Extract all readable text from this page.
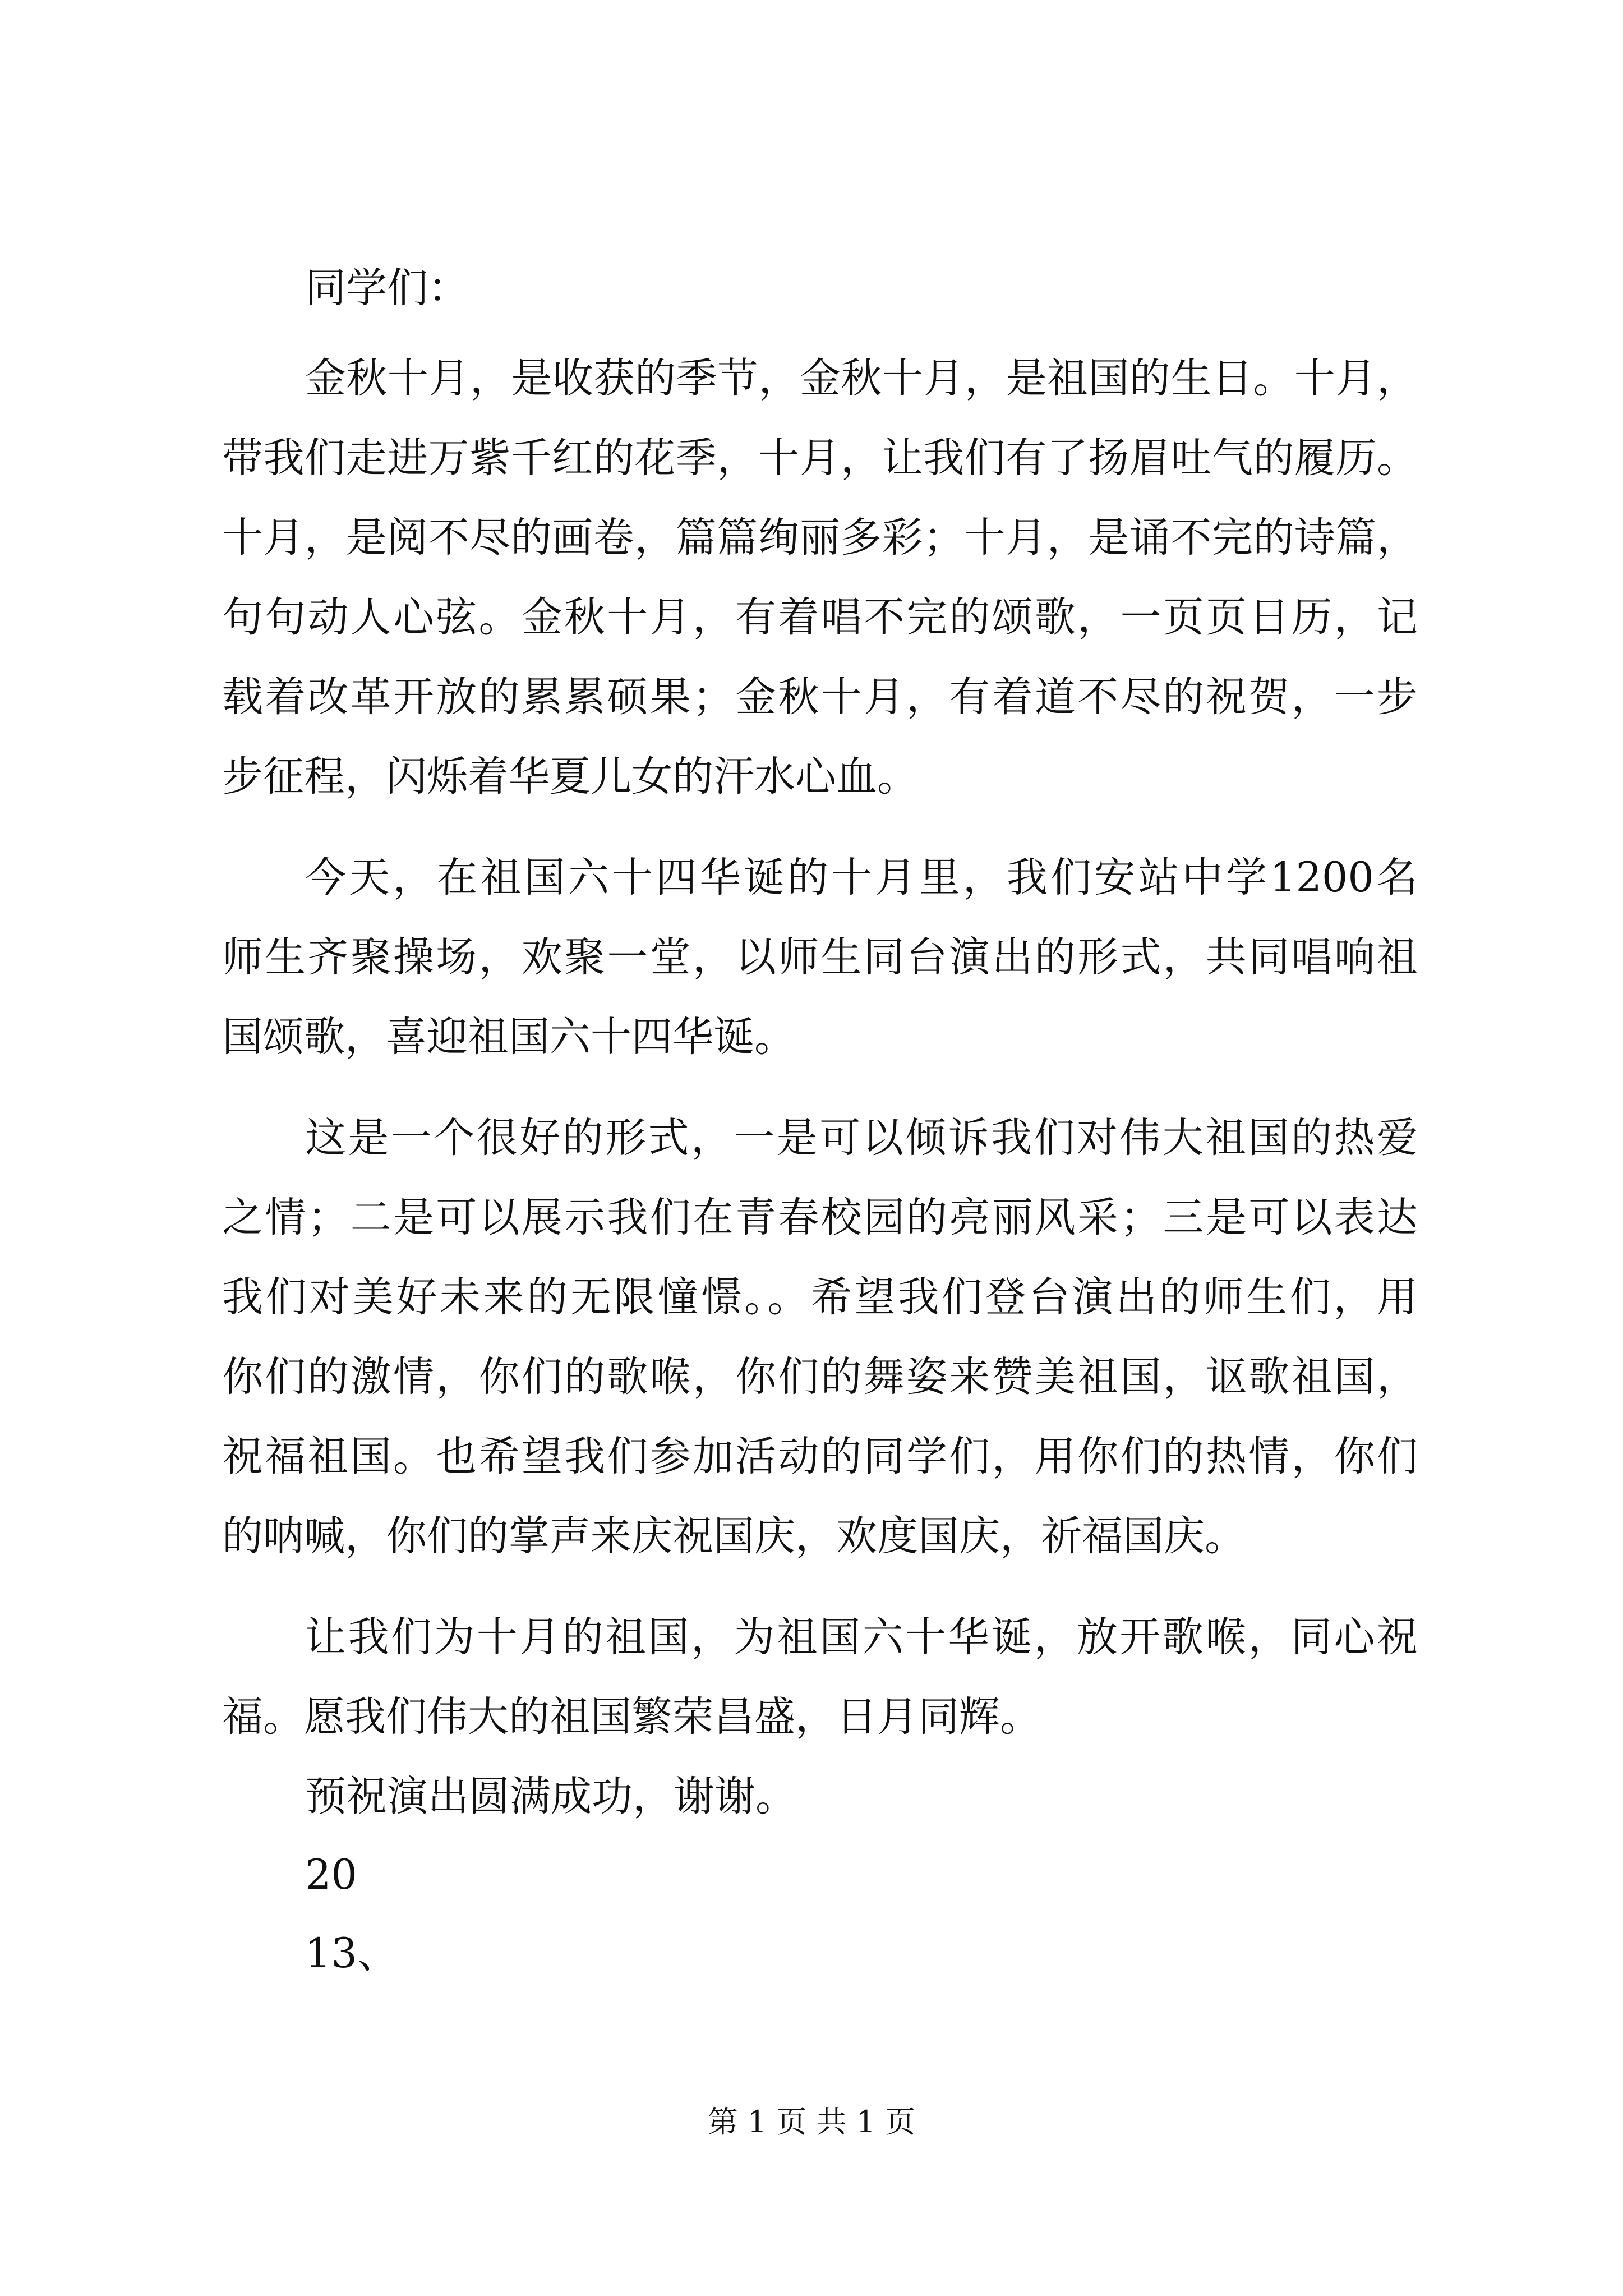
同学们：

金秋十月，是收获的季节，金秋十月，是祖国的生日。十月，

带我们走进万紫千红的花季，十月，让我们有了扬眉吐气的履历。

十月，是阅不尽的画卷，篇篇绚丽多彩；十月，是诵不完的诗篇，

句句动人心弦。金秋十月，有着唱不完的颂歌，一页页日历，记

载着改革开放的累累硕果；金秋十月，有着道不尽的祝贺，一步

步征程，闪烁着华夏儿女的汗水心血。

今天，在祖国六十四华诞的十月里，我们安站中学1200名

师生齐聚操场，欢聚一堂，以师生同台演出的形式，共同唱响祖

国颂歌，喜迎祖国六十四华诞。

这是一个很好的形式，一是可以倾诉我们对伟大祖国的热爱

之情；二是可以展示我们在青春校园的亮丽风采；三是可以表达

我们对美好未来的无限憧憬。。希望我们登台演出的师生们，用

你们的激情，你们的歌喉，你们的舞姿来赞美祖国，讴歌祖国，

祝福祖国。也希望我们参加活动的同学们，用你们的热情，你们

的呐喊，你们的掌声来庆祝国庆，欢度国庆，祈福国庆。

让我们为十月的祖国，为祖国六十华诞，放开歌喉，同心祝

福。愿我们伟大的祖国繁荣昌盛，日月同辉。

预祝演出圆满成功，谢谢。

20

13、

第 1 页 共 1 页
